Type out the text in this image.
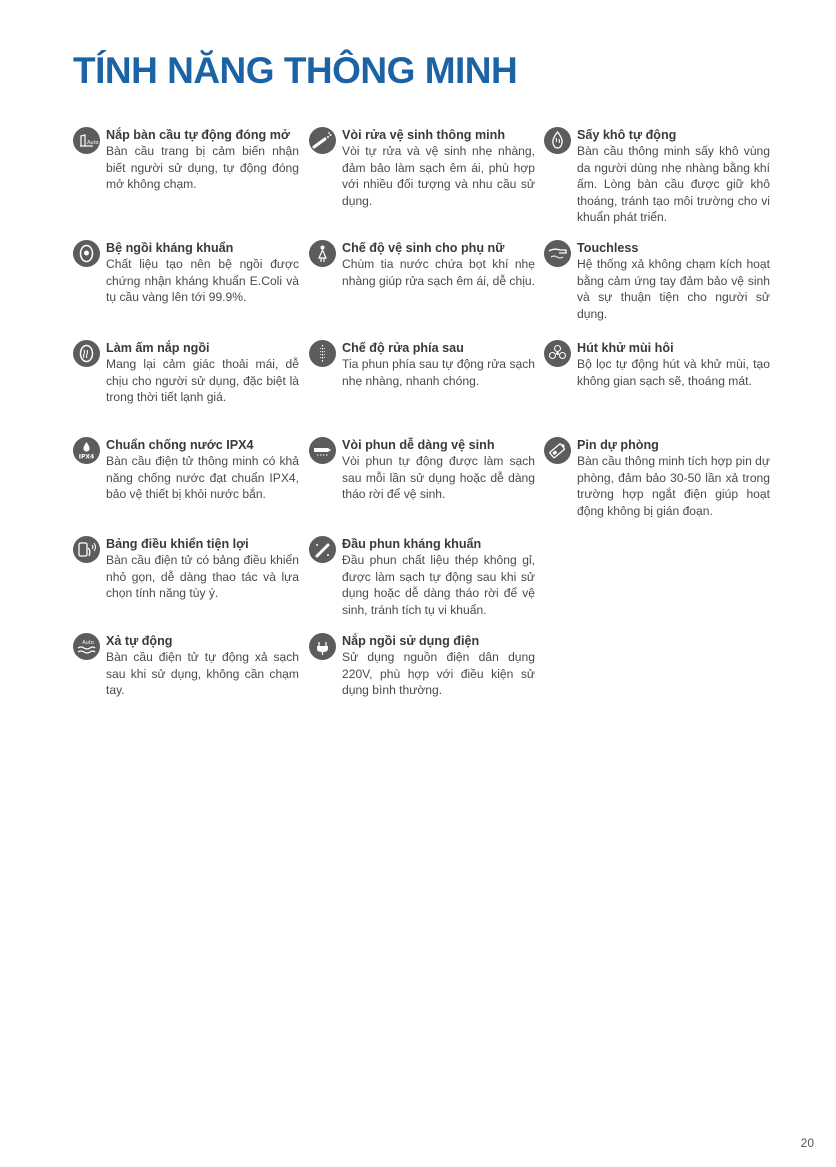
TÍNH NĂNG THÔNG MINH
Auto
Nắp bàn cầu tự động đóng mở

Bàn cầu trang bị cảm biến nhận biết người sử dụng, tự động đóng mở không chạm.

Bệ ngồi kháng khuẩn

Chất liệu tạo nên bệ ngồi được chứng nhận kháng khuẩn E.Coli và tụ cầu vàng lên tới 99.9%.

Làm ấm nắp ngồi

Mang lại cảm giác thoải mái, dễ chịu cho người sử dụng, đặc biệt là trong thời tiết lạnh giá.

IPX4
Chuẩn chống nước IPX4

Bàn cầu điện tử thông minh có khả năng chống nước đạt chuẩn IPX4, bảo vệ thiết bị khỏi nước bắn.

Bảng điều khiển tiện lợi

Bàn cầu điện tử có bảng điều khiển nhỏ gọn, dễ dàng thao tác và lựa chọn tính năng tùy ý.

Auto Xả tự động

Bàn cầu điện tử tự động xả sạch sau khi sử dụng, không cần chạm tay.

Vòi rửa vệ sinh thông minh

Vòi tự rửa và vệ sinh nhẹ nhàng, đảm bảo làm sạch êm ái, phù hợp với nhiều đối tượng và nhu cầu sử dụng.

Chế độ vệ sinh cho phụ nữ

Chùm tia nước chứa bọt khí nhẹ nhàng giúp rửa sạch êm ái, dễ chịu.

Chế độ rửa phía sau

Tia phun phía sau tự động rửa sạch nhẹ nhàng, nhanh chóng.

Vòi phun dễ dàng vệ sinh

Vòi phun tự động được làm sạch sau mỗi lần sử dụng hoặc dễ dàng tháo rời để vệ sinh.

Đầu phun kháng khuẩn

Đầu phun chất liệu thép không gỉ, được làm sạch tự động sau khi sử dụng hoặc dễ dàng tháo rời để vệ sinh, tránh tích tụ vi khuẩn.

Nắp ngồi sử dụng điện

Sử dụng nguồn điện dân dụng 220V, phù hợp với điều kiện sử dụng bình thường.

Sấy khô tự động

Bàn cầu thông minh sấy khô vùng da người dùng nhẹ nhàng bằng khí ấm. Lòng bàn cầu được giữ khô thoáng, tránh tạo môi trường cho vi khuẩn phát triển.

Touchless

Hệ thống xả không chạm kích hoạt bằng cảm ứng tay đảm bảo vệ sinh và sự thuận tiện cho người sử dụng.

Hút khử mùi hôi

Bộ lọc tự động hút và khử mùi, tạo không gian sạch sẽ, thoáng mát.

Pin dự phòng

Bàn cầu thông minh tích hợp pin dự phòng, đảm bảo 30-50 lần xả trong trường hợp ngắt điện giúp hoạt động không bị gián đoạn.

20
